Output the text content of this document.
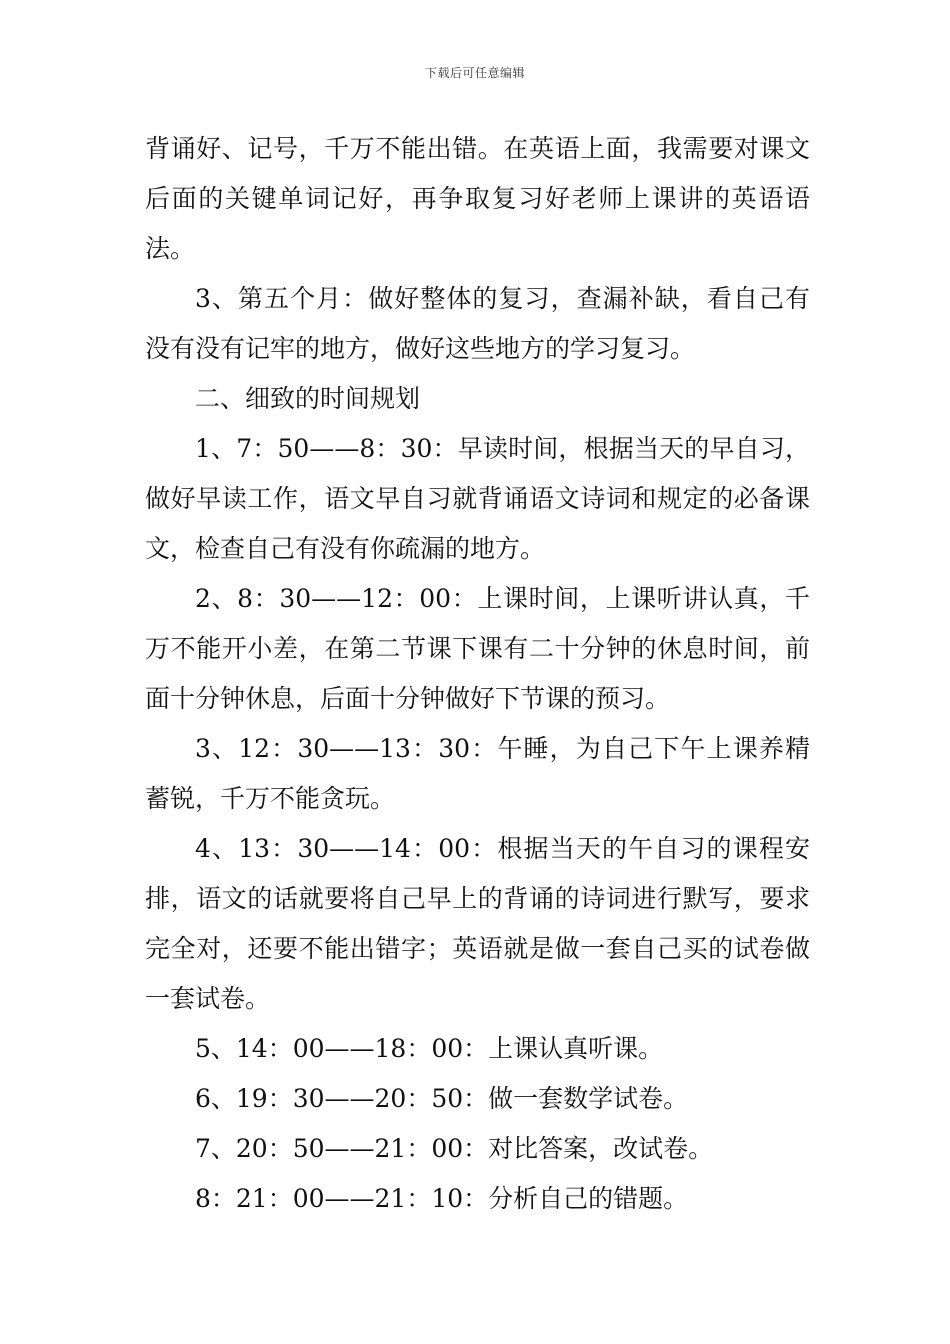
下载后可任意编辑

背诵好、记号，千万不能出错。在英语上面，我需要对课文后面的关键单词记好，再争取复习好老师上课讲的英语语法。

3、第五个月：做好整体的复习，查漏补缺，看自己有没有没有记牢的地方，做好这些地方的学习复习。

二、细致的时间规划

1、7：50——8：30：早读时间，根据当天的早自习，做好早读工作，语文早自习就背诵语文诗词和规定的必备课文，检查自己有没有你疏漏的地方。

2、8：30——12：00：上课时间，上课听讲认真，千万不能开小差，在第二节课下课有二十分钟的休息时间，前面十分钟休息，后面十分钟做好下节课的预习。

3、12：30——13：30：午睡，为自己下午上课养精蓄锐，千万不能贪玩。

4、13：30——14：00：根据当天的午自习的课程安排，语文的话就要将自己早上的背诵的诗词进行默写，要求完全对，还要不能出错字；英语就是做一套自己买的试卷做一套试卷。

5、14：00——18：00：上课认真听课。

6、19：30——20：50：做一套数学试卷。

7、20：50——21：00：对比答案，改试卷。

8：21：00——21：10：分析自己的错题。
